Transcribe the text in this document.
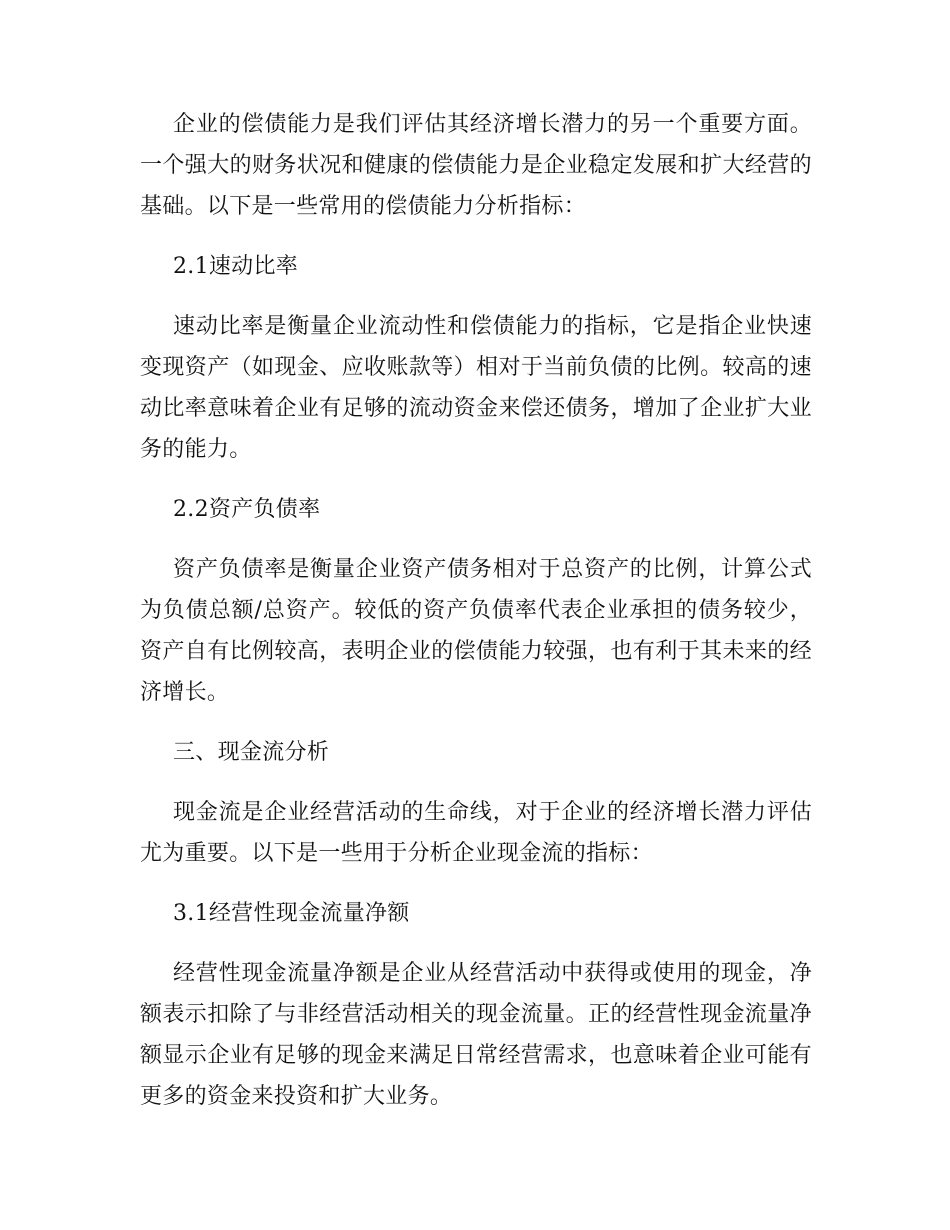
企业的偿债能力是我们评估其经济增长潜力的另一个重要方面。一个强大的财务状况和健康的偿债能力是企业稳定发展和扩大经营的基础。以下是一些常用的偿债能力分析指标：

2.1速动比率

速动比率是衡量企业流动性和偿债能力的指标，它是指企业快速变现资产（如现金、应收账款等）相对于当前负债的比例。较高的速动比率意味着企业有足够的流动资金来偿还债务，增加了企业扩大业务的能力。

2.2资产负债率

资产负债率是衡量企业资产债务相对于总资产的比例，计算公式为负债总额/总资产。较低的资产负债率代表企业承担的债务较少，资产自有比例较高，表明企业的偿债能力较强，也有利于其未来的经济增长。

三、现金流分析

现金流是企业经营活动的生命线，对于企业的经济增长潜力评估尤为重要。以下是一些用于分析企业现金流的指标：

3.1经营性现金流量净额

经营性现金流量净额是企业从经营活动中获得或使用的现金，净额表示扣除了与非经营活动相关的现金流量。正的经营性现金流量净额显示企业有足够的现金来满足日常经营需求，也意味着企业可能有更多的资金来投资和扩大业务。
